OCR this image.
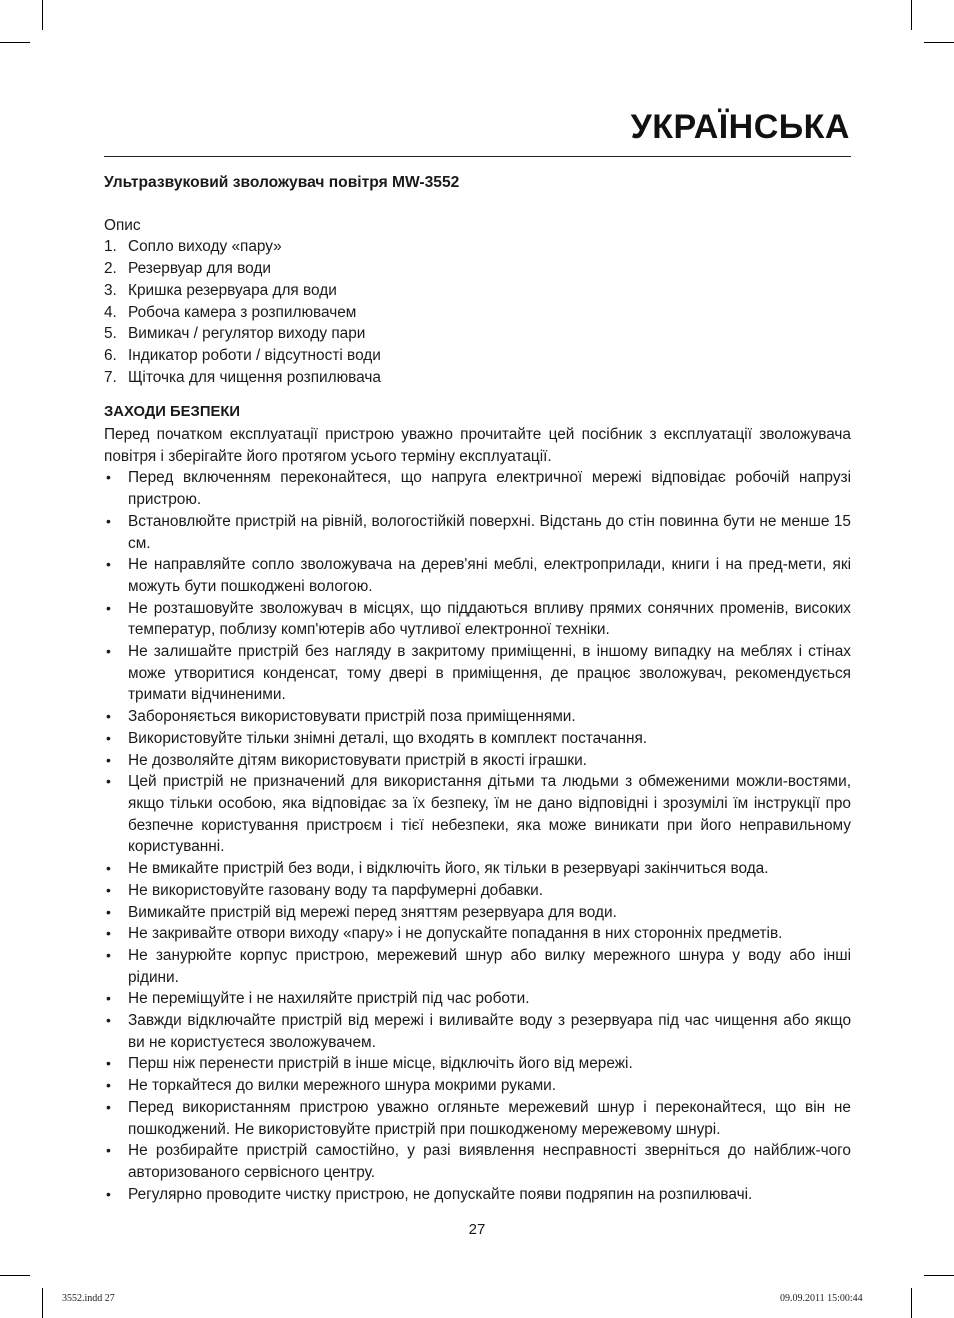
УКРАЇНСЬКА

Ультразвуковий зволожувач повітря MW-3552

Опис

1. Сопло виходу «пару»
2. Резервуар для води
3. Кришка резервуара для води
4. Робоча камера з розпилювачем
5. Вимикач / регулятор виходу пари
6. Індикатор роботи / відсутності води
7. Щіточка для чищення розпилювача

ЗАХОДИ БЕЗПЕКИ

Перед початком експлуатації пристрою уважно прочитайте цей посібник з експлуатації зволожувача повітря і зберігайте його протягом усього терміну експлуатації.

• Перед включенням переконайтеся, що напруга електричної мережі відповідає робочій напрузі пристрою.
• Встановлюйте пристрій на рівній, вологостійкій поверхні. Відстань до стін повинна бути не менше 15 см.
• Не направляйте сопло зволожувача на дерев'яні меблі, електроприлади, книги і на пред-мети, які можуть бути пошкоджені вологою.
• Не розташовуйте зволожувач в місцях, що піддаються впливу прямих сонячних променів, високих температур, поблизу комп'ютерів або чутливої електронної техніки.
• Не залишайте пристрій без нагляду в закритому приміщенні, в іншому випадку на меблях і стінах може утворитися конденсат, тому двері в приміщення, де працює зволожувач, рекомендується тримати відчиненими.
• Забороняється використовувати пристрій поза приміщеннями.
• Використовуйте тільки знімні деталі, що входять в комплект постачання.
• Не дозволяйте дітям використовувати пристрій в якості іграшки.
• Цей пристрій не призначений для використання дітьми та людьми з обмеженими можли-востями, якщо тільки особою, яка відповідає за їх безпеку, їм не дано відповідні і зрозумілі їм інструкції про безпечне користування пристроєм і тієї небезпеки, яка може виникати при його неправильному користуванні.
• Не вмикайте пристрій без води, і відключіть його, як тільки в резервуарі закінчиться вода.
• Не використовуйте газовану воду та парфумерні добавки.
• Вимикайте пристрій від мережі перед зняттям резервуара для води.
• Не закривайте отвори виходу «пару» і не допускайте попадання в них сторонніх предметів.
• Не занурюйте корпус пристрою, мережевий шнур або вилку мережного шнура у воду або інші рідини.
• Не переміщуйте і не нахиляйте пристрій під час роботи.
• Завжди відключайте пристрій від мережі і виливайте воду з резервуара під час чищення або якщо ви не користуєтеся зволожувачем.
• Перш ніж перенести пристрій в інше місце, відключіть його від мережі.
• Не торкайтеся до вилки мережного шнура мокрими руками.
• Перед використанням пристрою уважно огляньте мережевий шнур і переконайтеся, що він не пошкоджений. Не використовуйте пристрій при пошкодженому мережевому шнурі.
• Не розбирайте пристрій самостійно, у разі виявлення несправності зверніться до найближ-чого авторизованого сервісного центру.
• Регулярно проводите чистку пристрою, не допускайте появи подряпин на розпилювачі.
27
3552.indd 27	09.09.2011 15:00:44
